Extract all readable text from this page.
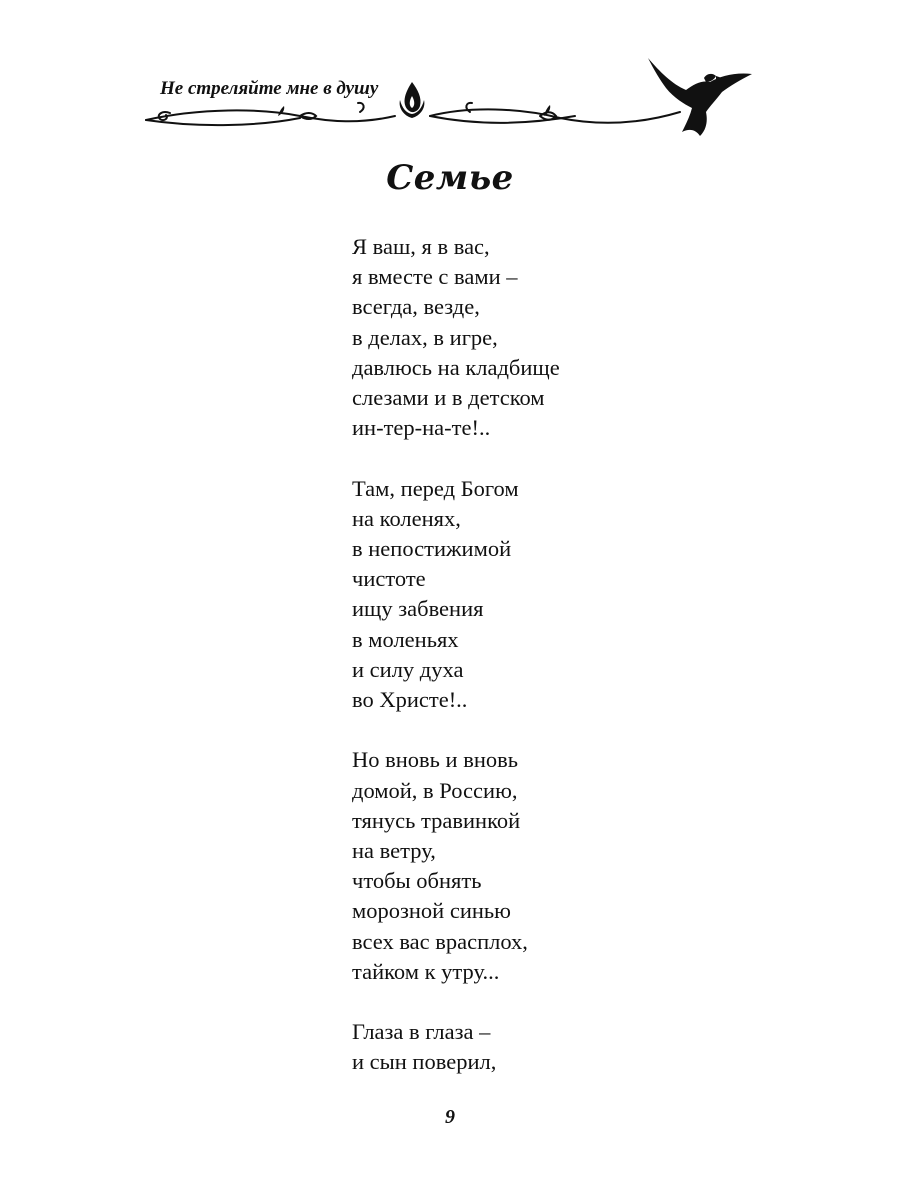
Не стреляйте мне в душу
Семье
Я ваш, я в вас,
я вместе с вами –
всегда, везде,
в делах, в игре,
давлюсь на кладбище
слезами и в детском
ин-тер-на-те!..
Там, перед Богом
на коленях,
в непостижимой
чистоте
ищу забвения
в моленьях
и силу духа
во Христе!..
Но вновь и вновь
домой, в Россию,
тянусь травинкой
на ветру,
чтобы обнять
морозной синью
всех вас врасплох,
тайком к утру...
Глаза в глаза –
и сын поверил,
9
